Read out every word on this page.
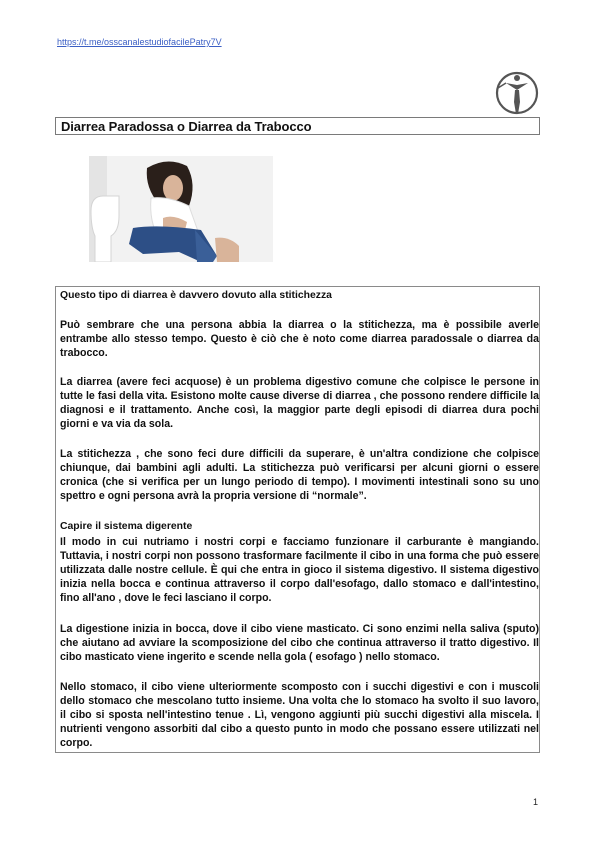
https://t.me/osscanalestudiofacilePatry7V
Diarrea Paradossa o Diarrea da Trabocco

Questo tipo di diarrea è davvero dovuto alla stitichezza

Può sembrare che una persona abbia la diarrea o la stitichezza, ma è possibile averle entrambe allo stesso tempo. Questo è ciò che è noto come diarrea paradossale o diarrea da trabocco.

La diarrea (avere feci acquose) è un problema digestivo comune che colpisce le persone in tutte le fasi della vita. Esistono molte cause diverse di diarrea , che possono rendere difficile la diagnosi e il trattamento. Anche così, la maggior parte degli episodi di diarrea dura pochi giorni e va via da sola.

La stitichezza , che sono feci dure difficili da superare, è un'altra condizione che colpisce chiunque, dai bambini agli adulti. La stitichezza può verificarsi per alcuni giorni o essere cronica (che si verifica per un lungo periodo di tempo). I movimenti intestinali sono su uno spettro e ogni persona avrà la propria versione di “normale”.

Capire il sistema digerente

Il modo in cui nutriamo i nostri corpi e facciamo funzionare il carburante è mangiando. Tuttavia, i nostri corpi non possono trasformare facilmente il cibo in una forma che può essere utilizzata dalle nostre cellule. È qui che entra in gioco il sistema digestivo. Il sistema digestivo inizia nella bocca e continua attraverso il corpo dall'esofago, dallo stomaco e dall'intestino, fino all'ano , dove le feci lasciano il corpo.

La digestione inizia in bocca, dove il cibo viene masticato. Ci sono enzimi nella saliva (sputo) che aiutano ad avviare la scomposizione del cibo che continua attraverso il tratto digestivo. Il cibo masticato viene ingerito e scende nella gola ( esofago ) nello stomaco.

Nello stomaco, il cibo viene ulteriormente scomposto con i succhi digestivi e con i muscoli dello stomaco che mescolano tutto insieme. Una volta che lo stomaco ha svolto il suo lavoro, il cibo si sposta nell'intestino tenue . Lì, vengono aggiunti più succhi digestivi alla miscela. I nutrienti vengono assorbiti dal cibo a questo punto in modo che possano essere utilizzati nel corpo.

1
